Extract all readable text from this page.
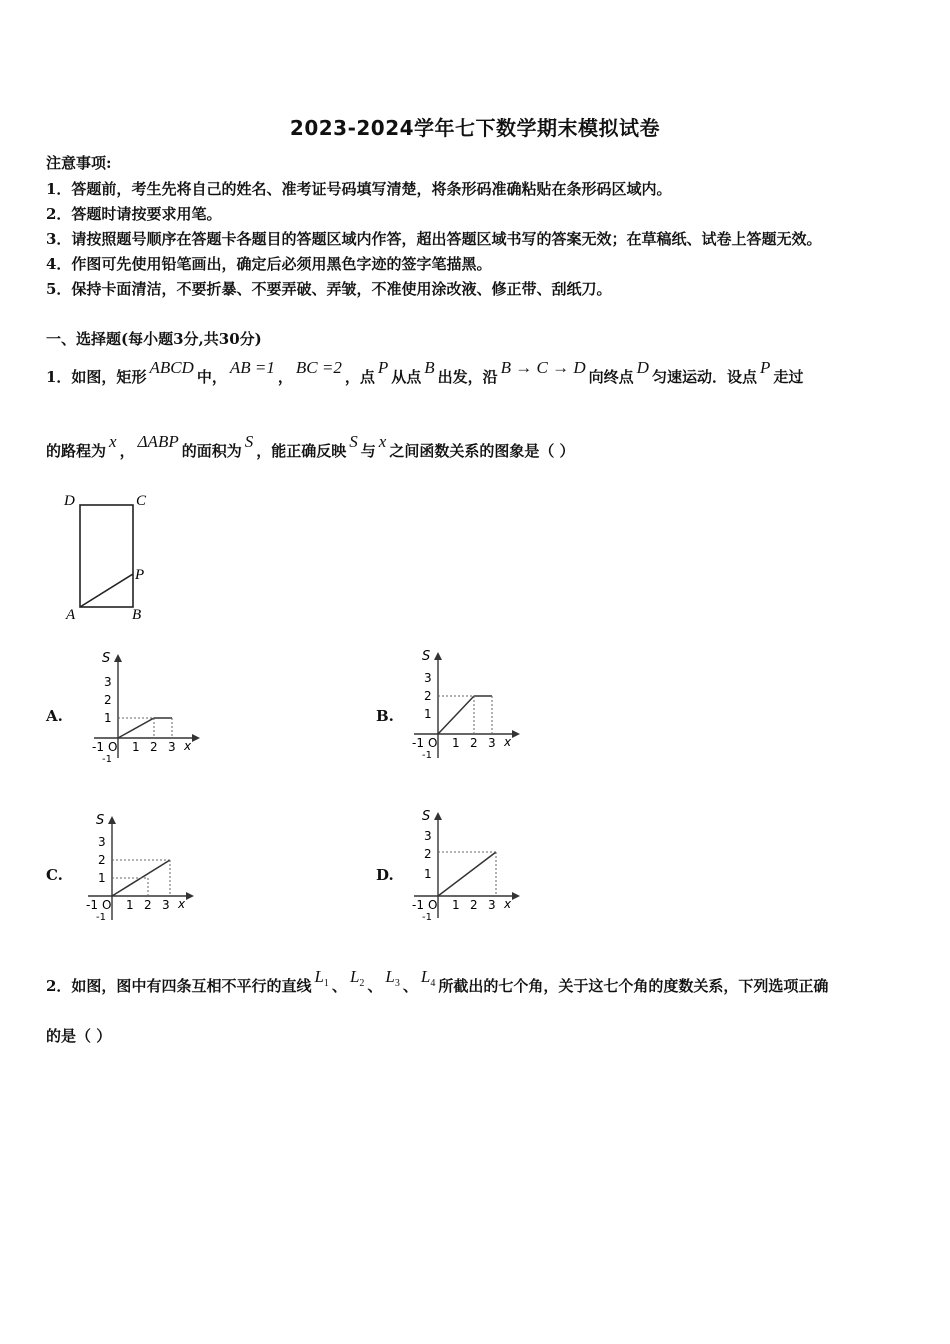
2023-2024学年七下数学期末模拟试卷
注意事项:
1．答题前，考生先将自己的姓名、准考证号码填写清楚，将条形码准确粘贴在条形码区域内。
2．答题时请按要求用笔。
3．请按照题号顺序在答题卡各题目的答题区域内作答，超出答题区域书写的答案无效；在草稿纸、试卷上答题无效。
4．作图可先使用铅笔画出，确定后必须用黑色字迹的签字笔描黑。
5．保持卡面清洁，不要折暴、不要弄破、弄皱，不准使用涂改液、修正带、刮纸刀。
一、选择题(每小题3分,共30分)
1．如图，矩形 ABCD 中， AB =1 ， BC =2 ，点 P 从点 B 出发，沿 B → C → D 向终点 D 匀速运动．设点 P 走过
的路程为 x ， ΔABP 的面积为 S ，能正确反映 S 与 x 之间函数关系的图象是（ ）
D	C
P
A	B
A.	B.
C.	D.
S
3
2
1
-1 O
-1
1 2 3 x
S
3
2
1
-1 O
-1
1 2 3 x
S
3
2
1
-1 O
-1
1 2 3 x
S
3
2
1
-1 O
-1
1 2 3 x
2．如图，图中有四条互相不平行的直线 $L_1$ 、 $L_2$ 、 $L_3$ 、 $L_4$ 所截出的七个角，关于这七个角的度数关系，下列选项正确
的是（ ）
